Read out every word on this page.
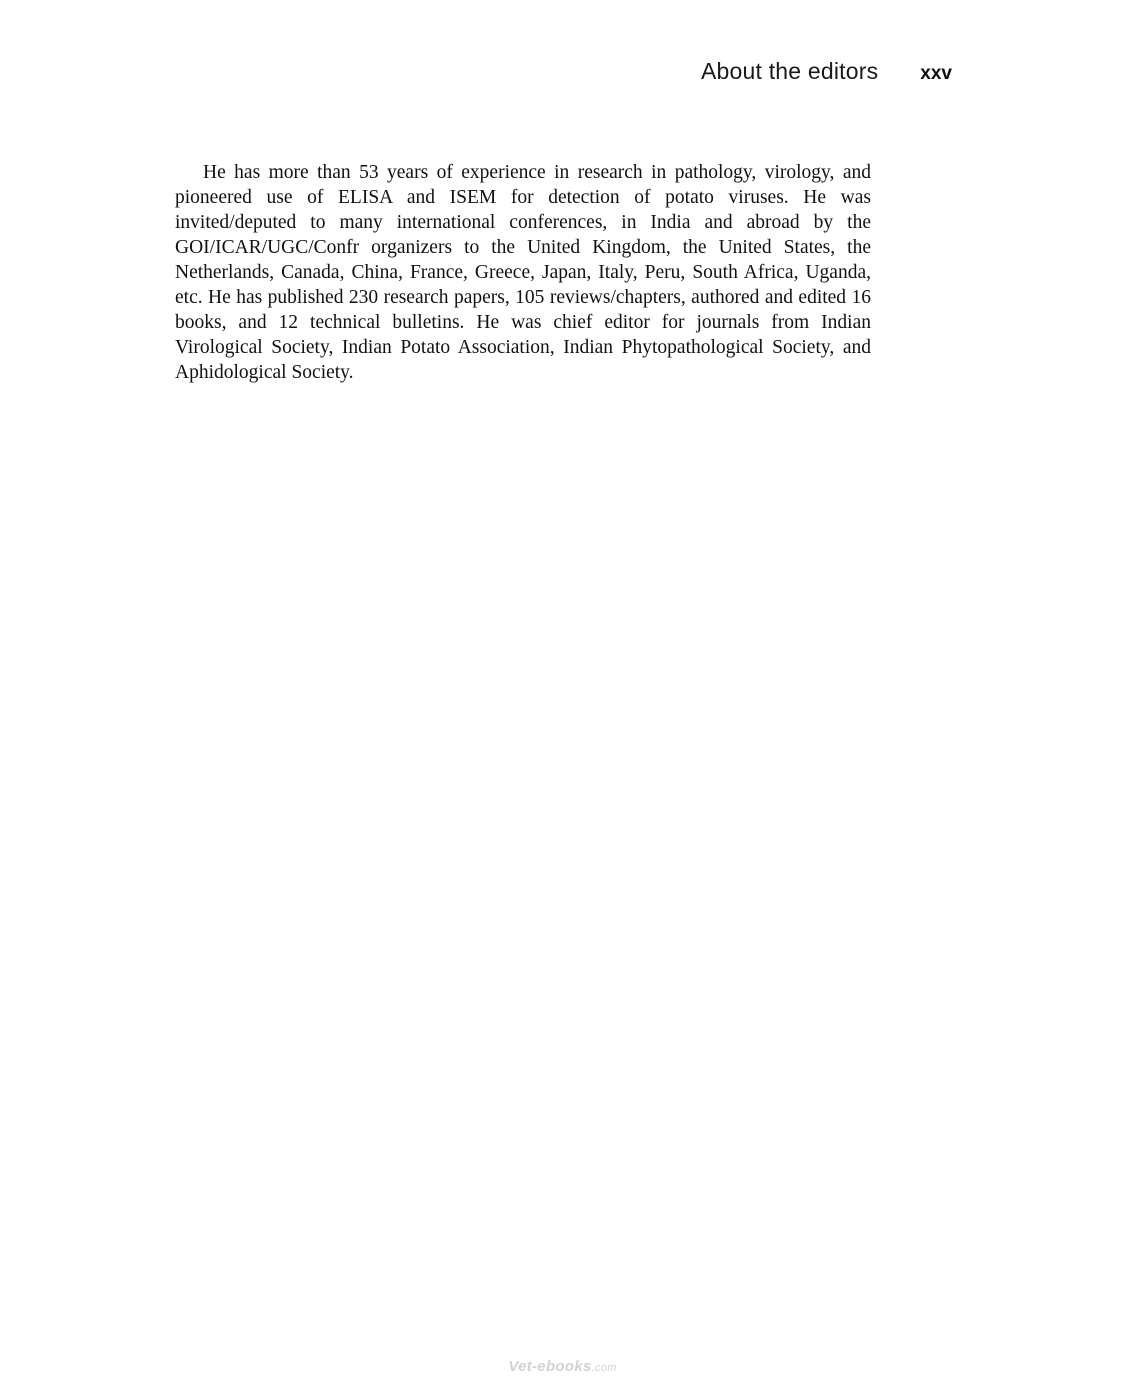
About the editors xxv

He has more than 53 years of experience in research in pathology, virology, and pioneered use of ELISA and ISEM for detection of potato viruses. He was invited/deputed to many international conferences, in India and abroad by the GOI/ICAR/UGC/Confr organizers to the United Kingdom, the United States, the Netherlands, Canada, China, France, Greece, Japan, Italy, Peru, South Africa, Uganda, etc. He has published 230 research papers, 105 reviews/chapters, authored and edited 16 books, and 12 technical bulletins. He was chief editor for journals from Indian Virological Society, Indian Potato Association, Indian Phytopathological Society, and Aphidological Society.

Vet-ebooks.com
